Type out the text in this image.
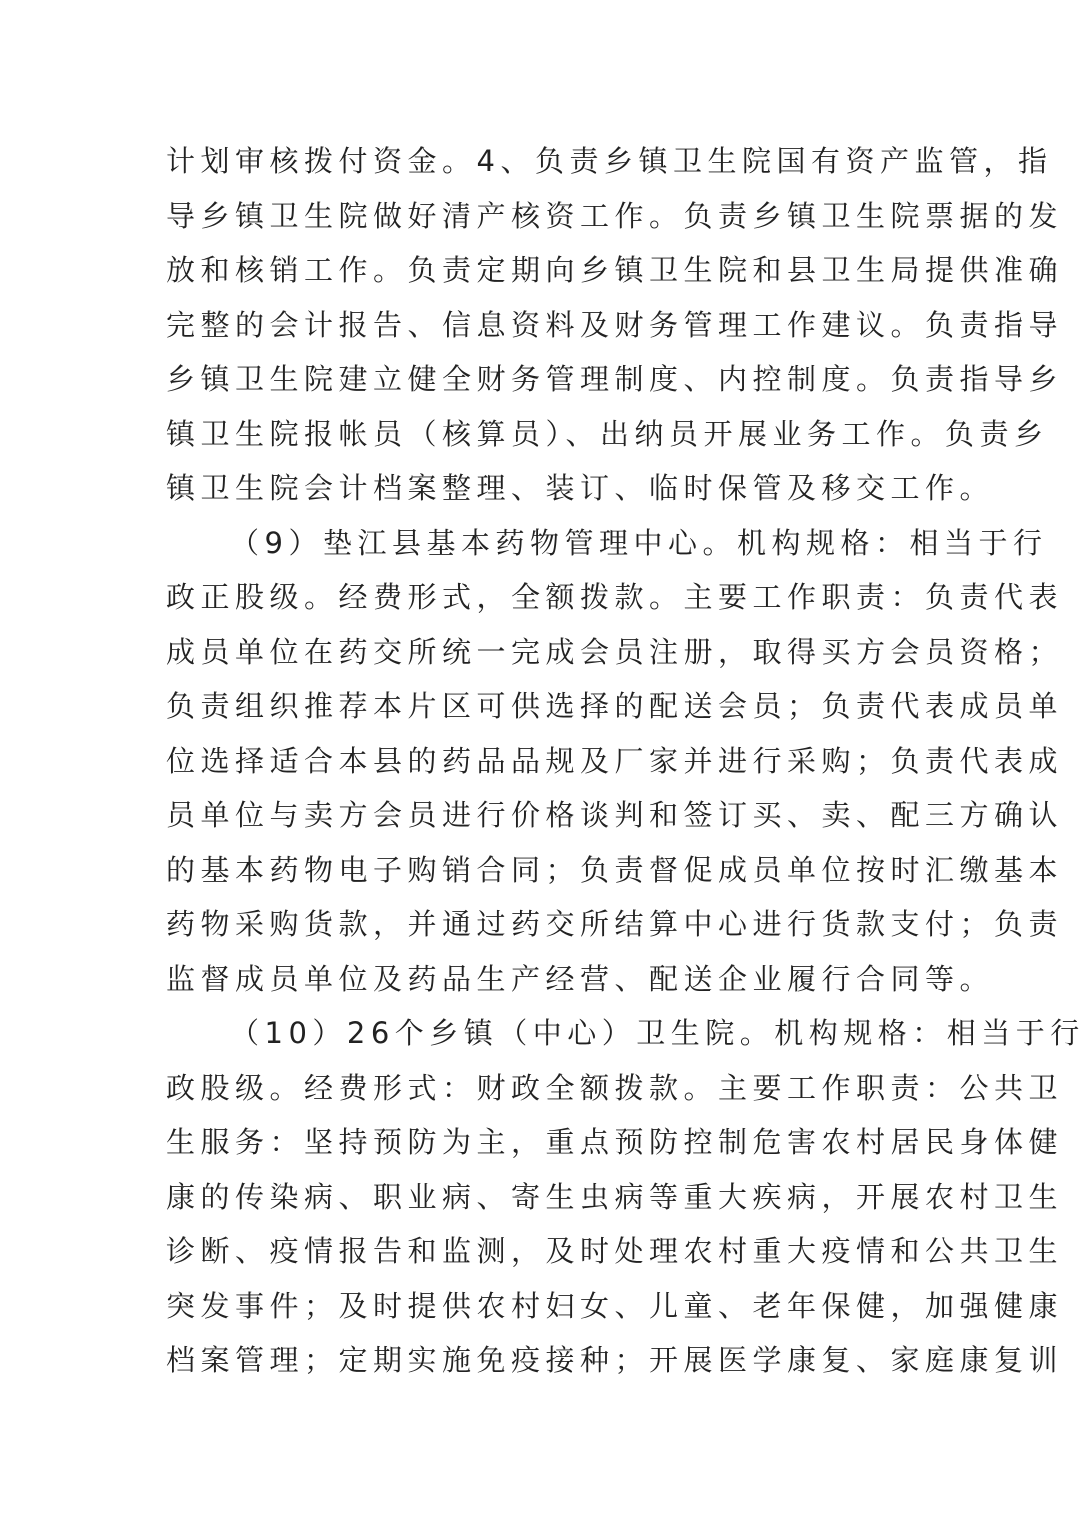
计划审核拨付资金。4、负责乡镇卫生院国有资产监管，指
导乡镇卫生院做好清产核资工作。负责乡镇卫生院票据的发
放和核销工作。负责定期向乡镇卫生院和县卫生局提供准确
完整的会计报告、信息资料及财务管理工作建议。负责指导
乡镇卫生院建立健全财务管理制度、内控制度。负责指导乡
镇卫生院报帐员（核算员）、出纳员开展业务工作。负责乡
镇卫生院会计档案整理、装订、临时保管及移交工作。
（9）垫江县基本药物管理中心。机构规格：相当于行
政正股级。经费形式，全额拨款。主要工作职责：负责代表
成员单位在药交所统一完成会员注册，取得买方会员资格；
负责组织推荐本片区可供选择的配送会员；负责代表成员单
位选择适合本县的药品品规及厂家并进行采购；负责代表成
员单位与卖方会员进行价格谈判和签订买、卖、配三方确认
的基本药物电子购销合同；负责督促成员单位按时汇缴基本
药物采购货款，并通过药交所结算中心进行货款支付；负责
监督成员单位及药品生产经营、配送企业履行合同等。
（10）26个乡镇（中心）卫生院。机构规格：相当于行
政股级。经费形式：财政全额拨款。主要工作职责：公共卫
生服务：坚持预防为主，重点预防控制危害农村居民身体健
康的传染病、职业病、寄生虫病等重大疾病，开展农村卫生
诊断、疫情报告和监测，及时处理农村重大疫情和公共卫生
突发事件；及时提供农村妇女、儿童、老年保健，加强健康
档案管理；定期实施免疫接种；开展医学康复、家庭康复训
